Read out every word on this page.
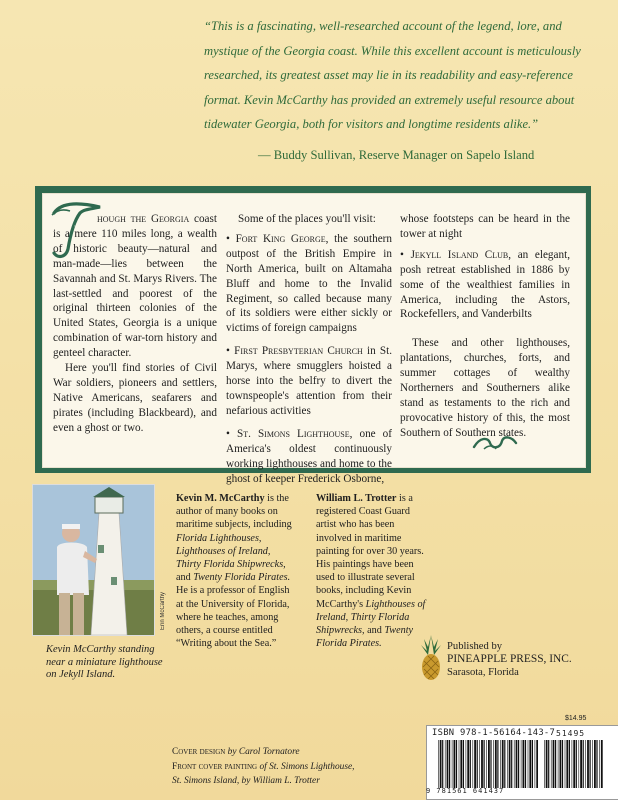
“This is a fascinating, well-researched account of the legend, lore, and mystique of the Georgia coast. While this excellent account is meticulously researched, its greatest asset may lie in its readability and easy-reference format. Kevin McCarthy has provided an extremely useful resource about tidewater Georgia, both for visitors and longtime residents alike.”
— Buddy Sullivan, Reserve Manager on Sapelo Island
T

hough the Georgia coast is a mere 110 miles long, a wealth of historic beauty—natural and man-made—lies between the Savannah and St. Marys Rivers. The last-settled and poorest of the original thirteen colonies of the United States, Georgia is a unique combination of war-torn history and genteel character.

Here you'll find stories of Civil War soldiers, pioneers and settlers, Native Americans, seafarers and pirates (including Blackbeard), and even a ghost or two.

Some of the places you'll visit:

• Fort King George, the southern outpost of the British Empire in North America, built on Altamaha Bluff and home to the Invalid Regiment, so called because many of its soldiers were either sickly or victims of foreign campaigns

• First Presbyterian Church in St. Marys, where smugglers hoisted a horse into the belfry to divert the townspeople's attention from their nefarious activities

• St. Simons Lighthouse, one of America's oldest continuously working lighthouses and home to the ghost of keeper Frederick Osborne,

whose footsteps can be heard in the tower at night

• Jekyll Island Club, an elegant, posh retreat established in 1886 by some of the wealthiest families in America, including the Astors, Rockefellers, and Vanderbilts

These and other lighthouses, plantations, churches, forts, and summer cottages of wealthy Northerners and Southerners alike stand as testaments to the rich and provocative history of this, the most Southern of Southern states.

Erin McCarthy
Kevin McCarthy standing near a miniature lighthouse on Jekyll Island.
Kevin M. McCarthy is the author of many books on maritime subjects, including Florida Lighthouses, Lighthouses of Ireland, Thirty Florida Shipwrecks, and Twenty Florida Pirates. He is a professor of English at the University of Florida, where he teaches, among others, a course entitled “Writing about the Sea.”
William L. Trotter is a registered Coast Guard artist who has been involved in maritime painting for over 30 years. His paintings have been used to illustrate several books, including Kevin McCarthy's Lighthouses of Ireland, Thirty Florida Shipwrecks, and Twenty Florida Pirates.	Published by
PINEAPPLE PRESS, INC.
Sarasota, Florida
$14.95
ISBN 978-1-56164-143-7 51495
9 781561 641437
Cover design by Carol Tornatore
Front cover painting of St. Simons Lighthouse, St. Simons Island, by William L. Trotter
